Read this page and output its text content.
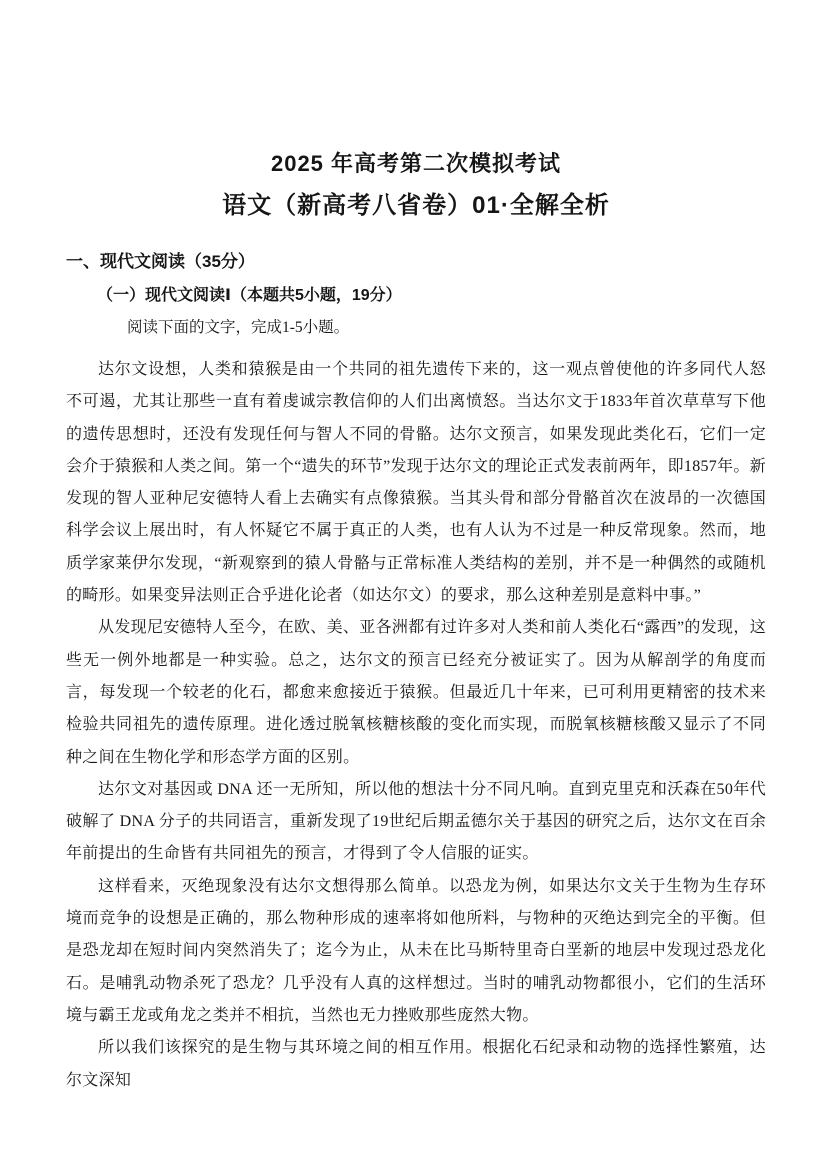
2025 年高考第二次模拟考试
语文（新高考八省卷）01·全解全析
一、现代文阅读（35分）
（一）现代文阅读Ⅰ（本题共5小题，19分）

阅读下面的文字，完成1-5小题。

达尔文设想，人类和猿猴是由一个共同的祖先遗传下来的，这一观点曾使他的许多同代人怒不可遏，尤其让那些一直有着虔诚宗教信仰的人们出离愤怒。当达尔文于1833年首次草草写下他的遗传思想时，还没有发现任何与智人不同的骨骼。达尔文预言，如果发现此类化石，它们一定会介于猿猴和人类之间。第一个“遗失的环节”发现于达尔文的理论正式发表前两年，即1857年。新发现的智人亚种尼安德特人看上去确实有点像猿猴。当其头骨和部分骨骼首次在波昂的一次德国科学会议上展出时，有人怀疑它不属于真正的人类，也有人认为不过是一种反常现象。然而，地质学家莱伊尔发现，“新观察到的猿人骨骼与正常标准人类结构的差别，并不是一种偶然的或随机的畸形。如果变异法则正合乎进化论者（如达尔文）的要求，那么这种差别是意料中事。”

从发现尼安德特人至今，在欧、美、亚各洲都有过许多对人类和前人类化石“露西”的发现，这些无一例外地都是一种实验。总之，达尔文的预言已经充分被证实了。因为从解剖学的角度而言，每发现一个较老的化石，都愈来愈接近于猿猴。但最近几十年来，已可利用更精密的技术来检验共同祖先的遗传原理。进化透过脱氧核糖核酸的变化而实现，而脱氧核糖核酸又显示了不同种之间在生物化学和形态学方面的区别。

达尔文对基因或 DNA 还一无所知，所以他的想法十分不同凡响。直到克里克和沃森在50年代破解了 DNA 分子的共同语言，重新发现了19世纪后期孟德尔关于基因的研究之后，达尔文在百余年前提出的生命皆有共同祖先的预言，才得到了令人信服的证实。

这样看来，灭绝现象没有达尔文想得那么简单。以恐龙为例，如果达尔文关于生物为生存环境而竞争的设想是正确的，那么物种形成的速率将如他所料，与物种的灭绝达到完全的平衡。但是恐龙却在短时间内突然消失了；迄今为止，从未在比马斯特里奇白垩新的地层中发现过恐龙化石。是哺乳动物杀死了恐龙？几乎没有人真的这样想过。当时的哺乳动物都很小，它们的生活环境与霸王龙或角龙之类并不相抗，当然也无力挫败那些庞然大物。

所以我们该探究的是生物与其环境之间的相互作用。根据化石纪录和动物的选择性繁殖，达尔文深知
